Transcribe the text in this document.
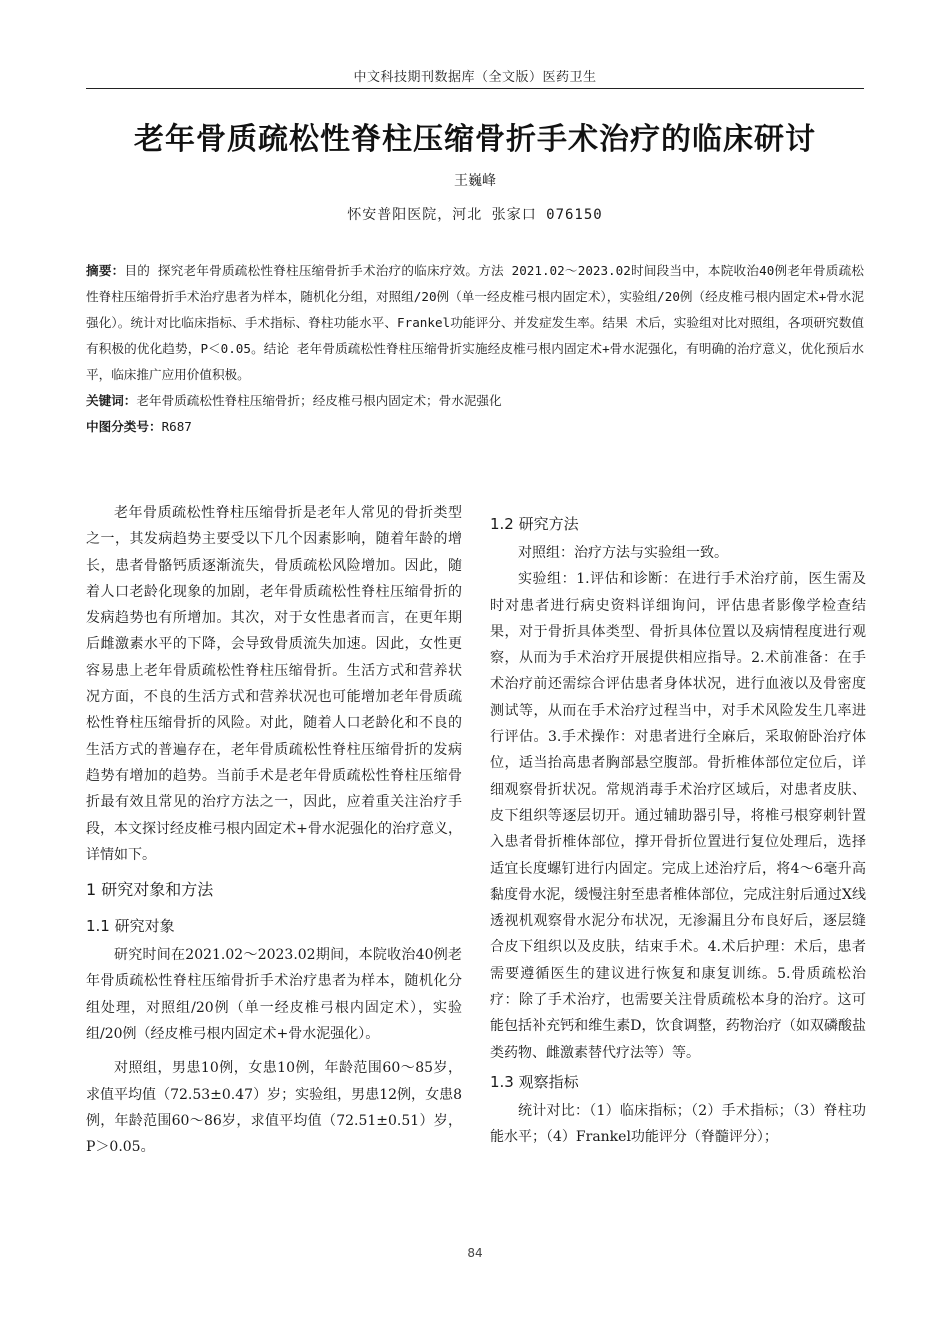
中文科技期刊数据库（全文版）医药卫生
老年骨质疏松性脊柱压缩骨折手术治疗的临床研讨
王巍峰
怀安普阳医院，河北 张家口 076150

摘要：目的 探究老年骨质疏松性脊柱压缩骨折手术治疗的临床疗效。方法 2021.02～2023.02时间段当中，本院收治40例老年骨质疏松性脊柱压缩骨折手术治疗患者为样本，随机化分组，对照组/20例（单一经皮椎弓根内固定术），实验组/20例（经皮椎弓根内固定术+骨水泥强化）。统计对比临床指标、手术指标、脊柱功能水平、Frankel功能评分、并发症发生率。结果 术后，实验组对比对照组，各项研究数值有积极的优化趋势，P＜0.05。结论 老年骨质疏松性脊柱压缩骨折实施经皮椎弓根内固定术+骨水泥强化，有明确的治疗意义，优化预后水平，临床推广应用价值积极。

关键词：老年骨质疏松性脊柱压缩骨折；经皮椎弓根内固定术；骨水泥强化

中图分类号：R687

老年骨质疏松性脊柱压缩骨折是老年人常见的骨折类型之一，其发病趋势主要受以下几个因素影响，随着年龄的增长，患者骨骼钙质逐渐流失，骨质疏松风险增加。因此，随着人口老龄化现象的加剧，老年骨质疏松性脊柱压缩骨折的发病趋势也有所增加。其次，对于女性患者而言，在更年期后雌激素水平的下降，会导致骨质流失加速。因此，女性更容易患上老年骨质疏松性脊柱压缩骨折。生活方式和营养状况方面，不良的生活方式和营养状况也可能增加老年骨质疏松性脊柱压缩骨折的风险。对此，随着人口老龄化和不良的生活方式的普遍存在，老年骨质疏松性脊柱压缩骨折的发病趋势有增加的趋势。当前手术是老年骨质疏松性脊柱压缩骨折最有效且常见的治疗方法之一，因此，应着重关注治疗手段，本文探讨经皮椎弓根内固定术+骨水泥强化的治疗意义，详情如下。

1 研究对象和方法
1.1 研究对象

研究时间在2021.02～2023.02期间，本院收治40例老年骨质疏松性脊柱压缩骨折手术治疗患者为样本，随机化分组处理，对照组/20例（单一经皮椎弓根内固定术），实验组/20例（经皮椎弓根内固定术+骨水泥强化）。

对照组，男患10例，女患10例，年龄范围60～85岁，求值平均值（72.53±0.47）岁；实验组，男患12例，女患8例，年龄范围60～86岁，求值平均值（72.51±0.51）岁，P＞0.05。

1.2 研究方法

对照组：治疗方法与实验组一致。

实验组：1.评估和诊断：在进行手术治疗前，医生需及时对患者进行病史资料详细询问，评估患者影像学检查结果，对于骨折具体类型、骨折具体位置以及病情程度进行观察，从而为手术治疗开展提供相应指导。2.术前准备：在手术治疗前还需综合评估患者身体状况，进行血液以及骨密度测试等，从而在手术治疗过程当中，对手术风险发生几率进行评估。3.手术操作：对患者进行全麻后，采取俯卧治疗体位，适当抬高患者胸部悬空腹部。骨折椎体部位定位后，详细观察骨折状况。常规消毒手术治疗区域后，对患者皮肤、皮下组织等逐层切开。通过辅助器引导，将椎弓根穿刺针置入患者骨折椎体部位，撑开骨折位置进行复位处理后，选择适宜长度螺钉进行内固定。完成上述治疗后，将4～6毫升高黏度骨水泥，缓慢注射至患者椎体部位，完成注射后通过X线透视机观察骨水泥分布状况，无渗漏且分布良好后，逐层缝合皮下组织以及皮肤，结束手术。4.术后护理：术后，患者需要遵循医生的建议进行恢复和康复训练。5.骨质疏松治疗：除了手术治疗，也需要关注骨质疏松本身的治疗。这可能包括补充钙和维生素D，饮食调整，药物治疗（如双磷酸盐类药物、雌激素替代疗法等）等。

1.3 观察指标

统计对比：（1）临床指标；（2）手术指标；（3）脊柱功能水平；（4）Frankel功能评分（脊髓评分）；

84
